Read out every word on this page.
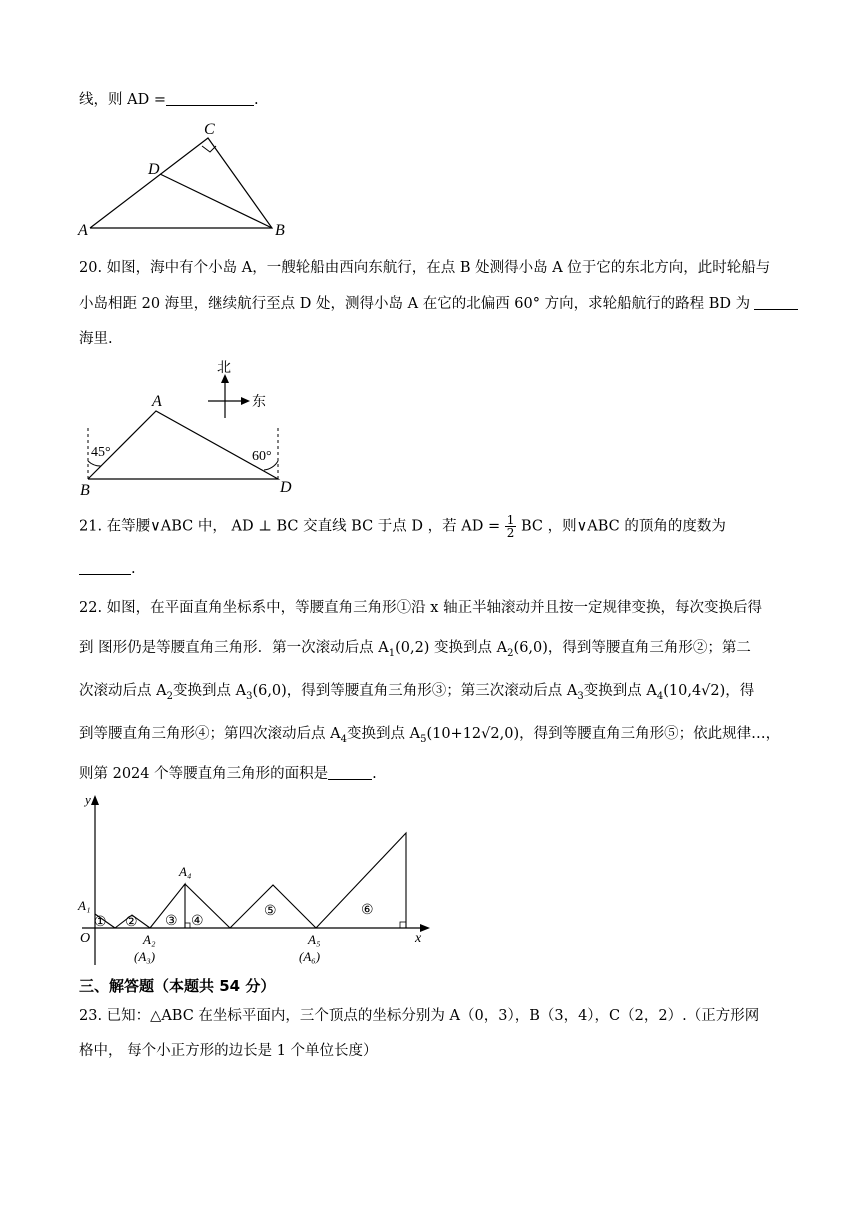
线，则 AD =	.
C
D
A	B
20. 如图，海中有个小岛 A，一艘轮船由西向东航行，在点 B 处测得小岛 A 位于它的东北方向，此时轮船与
小岛相距 20 海里，继续航行至点 D 处，测得小岛 A 在它的北偏西 60° 方向，求轮船航行的路程 BD 为
海里.
北
东
45°	60°
A
B	D
21. 在等腰∨ABC 中， AD ⊥ BC 交直线 BC 于点 D ，若 AD = $\frac{1}{2}$ BC ，则∨ABC 的顶角的度数为
.
22. 如图，在平面直角坐标系中，等腰直角三角形①沿 x 轴正半轴滚动并且按一定规律变换，每次变换后得
到 图形仍是等腰直角三角形．第一次滚动后点 $A_1(0,2)$ 变换到点 $A_2(6,0)$，得到等腰直角三角形②；第二
次滚动后点 $A_2$变换到点 $A_3(6,0)$，得到等腰直角三角形③；第三次滚动后点 $A_3$变换到点 $A_4(10,4√2)$，得
到等腰直角三角形④；第四次滚动后点 $A_4$变换到点 $A_5(10+12√2,0)$，得到等腰直角三角形⑤；依此规律…，
则第 2024 个等腰直角三角形的面积是	.
y
x
O
① ② ③ ④
⑤	⑥
A₁
A₂
(A₃)
A₄
A₅
(A₆)
三、解答题（本题共 54 分）
23. 已知：△ABC 在坐标平面内，三个顶点的坐标分别为 A（0，3），B（3，4），C（2，2）.（正方形网
格中， 每个小正方形的边长是 1 个单位长度）
